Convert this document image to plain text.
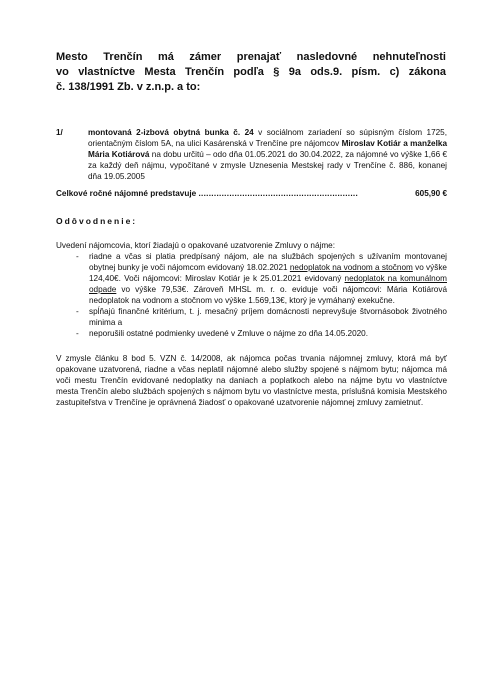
Mesto Trenčín má zámer prenajať nasledovné nehnuteľnosti

vo vlastníctve Mesta Trenčín podľa § 9a ods.9. písm. c) zákona

č. 138/1991 Zb. v z.n.p. a to:

1/	montovaná 2-izbová obytná bunka č. 24 v sociálnom zariadení so súpisným číslom 1725, orientačným číslom 5A, na ulici Kasárenská v Trenčíne pre nájomcov Miroslav Kotiár a manželka Mária Kotiárová na dobu určitú – odo dňa 01.05.2021 do 30.04.2022, za nájomné vo výške 1,66 € za každý deň nájmu, vypočítané v zmysle Uznesenia Mestskej rady v Trenčíne č. 886, konanej dňa 19.05.2005
Celkové ročné nájomné predstavuje ..............................................................	605,90 €
Odôvodnenie:
Uvedení nájomcovia, ktorí žiadajú o opakované uzatvorenie Zmluvy o nájme:
- riadne a včas si platia predpísaný nájom, ale na službách spojených s užívaním montovanej obytnej bunky je voči nájomcom evidovaný 18.02.2021 nedoplatok na vodnom a stočnom vo výške 124,40€. Voči nájomcovi: Miroslav Kotiár je k 25.01.2021 evidovaný nedoplatok na komunálnom odpade vo výške 79,53€. Zároveň MHSL m. r. o. eviduje voči nájomcovi: Mária Kotiárová nedoplatok na vodnom a stočnom vo výške 1.569,13€, ktorý je vymáhaný exekučne.
- spĺňajú finančné kritérium, t. j. mesačný príjem domácnosti neprevyšuje štvornásobok životného minima a
- neporušili ostatné podmienky uvedené v Zmluve o nájme zo dňa 14.05.2020.
V zmysle článku 8 bod 5. VZN č. 14/2008, ak nájomca počas trvania nájomnej zmluvy, ktorá má byť opakovane uzatvorená, riadne a včas neplatil nájomné alebo služby spojené s nájmom bytu; nájomca má voči mestu Trenčín evidované nedoplatky na daniach a poplatkoch alebo na nájme bytu vo vlastníctve mesta Trenčín alebo službách spojených s nájmom bytu vo vlastníctve mesta, príslušná komisia Mestského zastupiteľstva v Trenčíne je oprávnená žiadosť o opakované uzatvorenie nájomnej zmluvy zamietnuť.
